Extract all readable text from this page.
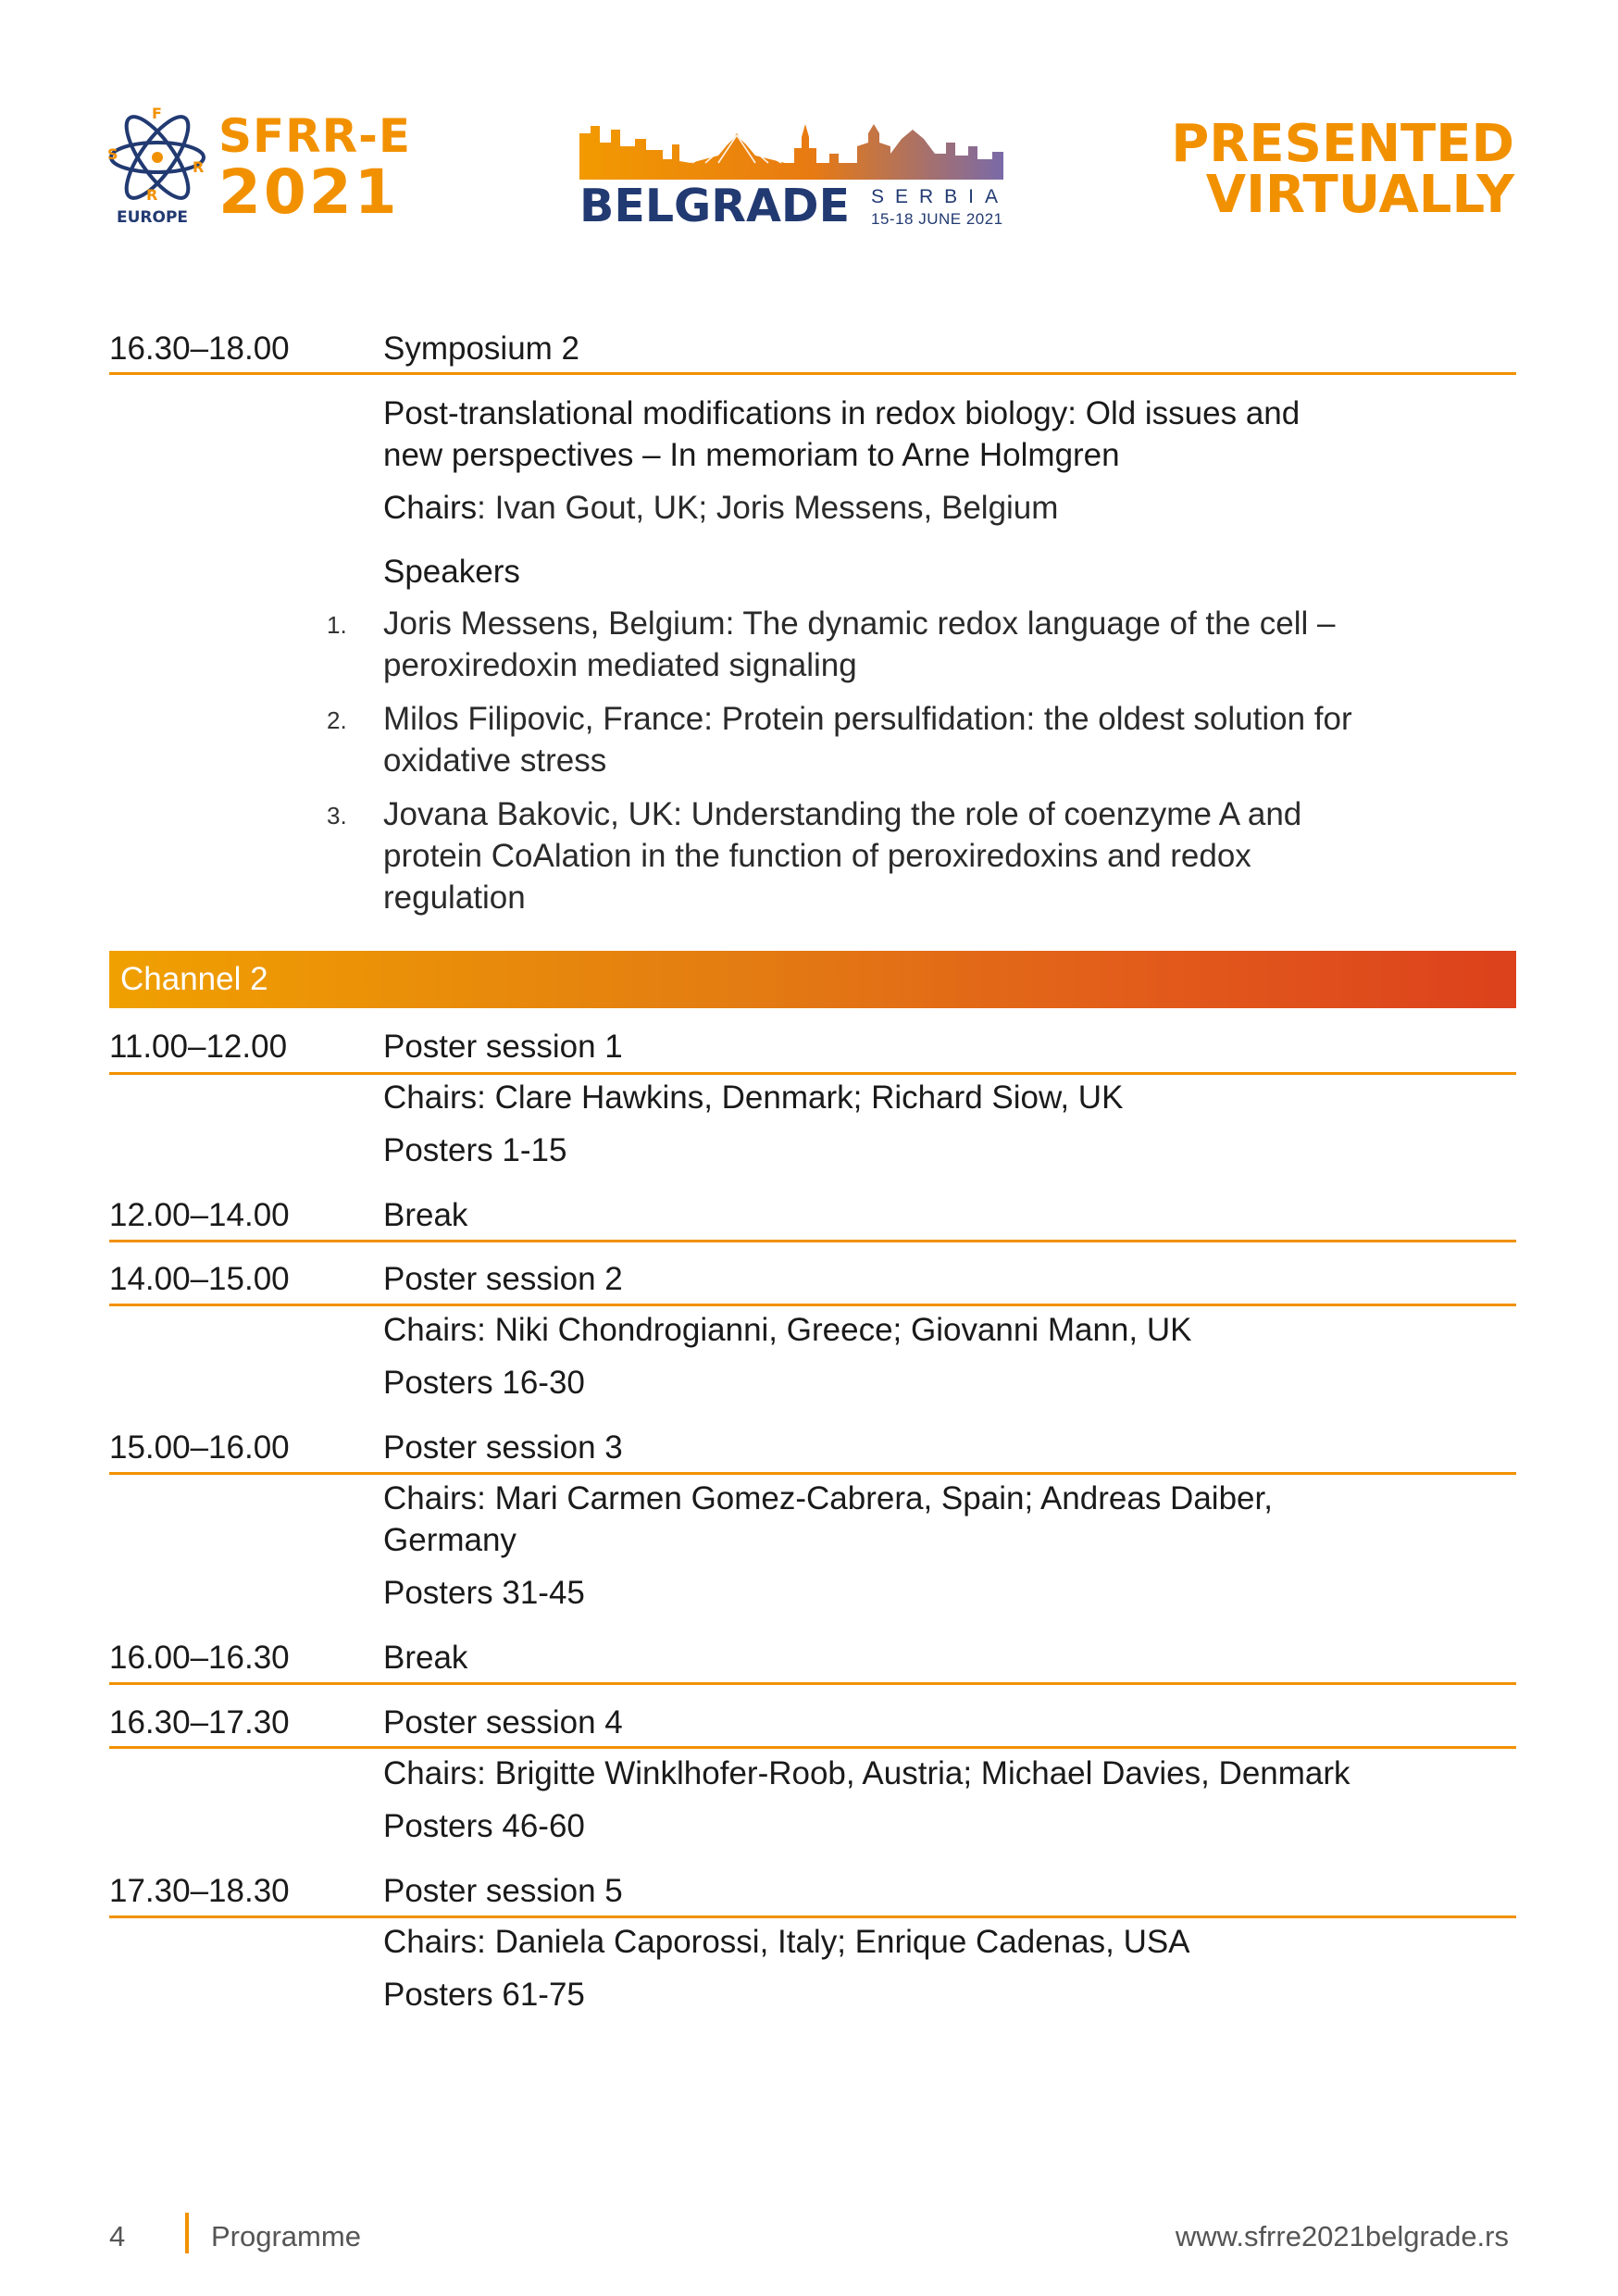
F
S
R
R
EUROPE
SFRR-E
2021	BELGRADE SERBIA
15-18 JUNE 2021
PRESENTED
VIRTUALLY
16.30–18.00	Symposium 2
Post-translational modifications in redox biology: Old issues and
new perspectives – In memoriam to Arne Holmgren
Chairs: Ivan Gout, UK; Joris Messens, Belgium
Speakers
1. Joris Messens, Belgium: The dynamic redox language of the cell –
peroxiredoxin mediated signaling
2. Milos Filipovic, France: Protein persulfidation: the oldest solution for
oxidative stress
3. Jovana Bakovic, UK: Understanding the role of coenzyme A and
protein CoAlation in the function of peroxiredoxins and redox
regulation
Channel 2
11.00–12.00	Poster session 1
Chairs: Clare Hawkins, Denmark; Richard Siow, UK
Posters 1-15
12.00–14.00	Break
14.00–15.00	Poster session 2
Chairs: Niki Chondrogianni, Greece; Giovanni Mann, UK
Posters 16-30
15.00–16.00	Poster session 3
Chairs: Mari Carmen Gomez-Cabrera, Spain; Andreas Daiber,
Germany
Posters 31-45
16.00–16.30	Break
16.30–17.30	Poster session 4
Chairs: Brigitte Winklhofer-Roob, Austria; Michael Davies, Denmark
Posters 46-60
17.30–18.30	Poster session 5
Chairs: Daniela Caporossi, Italy; Enrique Cadenas, USA
Posters 61-75
4	Programme	www.sfrre2021belgrade.rs
